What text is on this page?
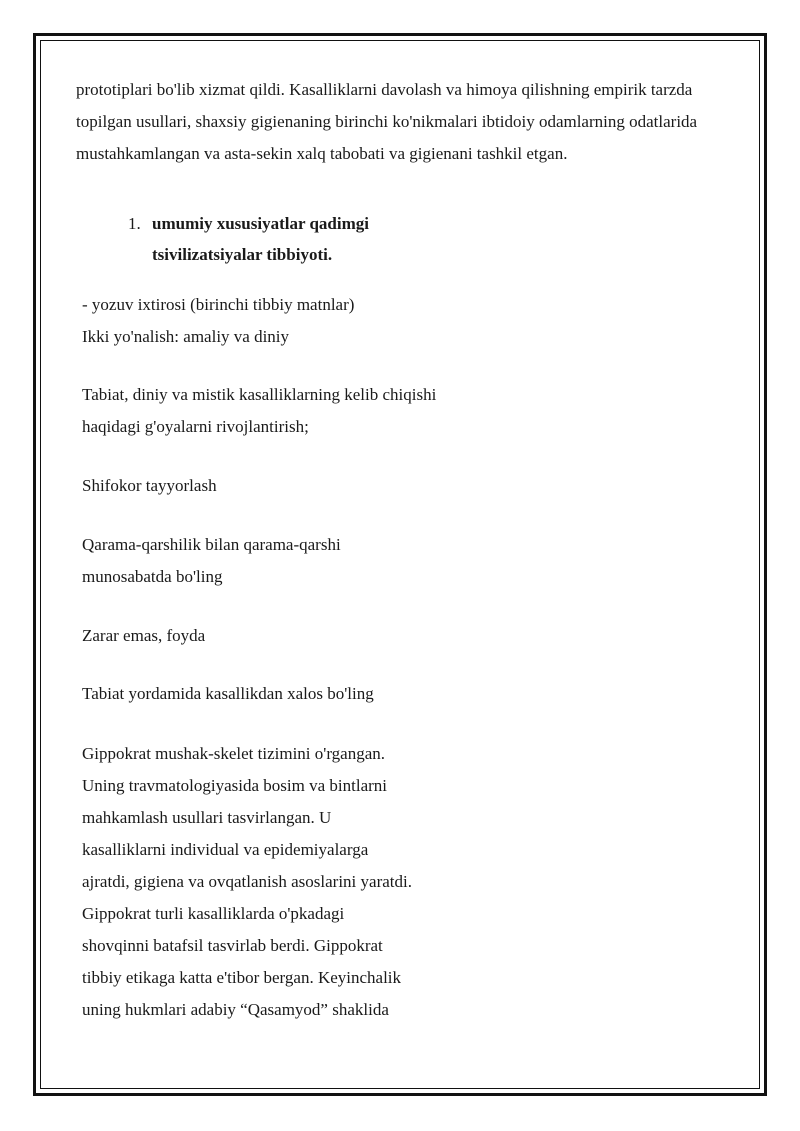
prototiplari bo'lib xizmat qildi. Kasalliklarni davolash va himoya qilishning empirik tarzda topilgan usullari, shaxsiy gigienaning birinchi ko'nikmalari ibtidoiy odamlarning odatlarida mustahkamlangan va asta-sekin xalq tabobati va gigienani tashkil etgan.

1. umumiy xususiyatlar qadimgi tsivilizatsiyalar tibbiyoti.

- yozuv ixtirosi (birinchi tibbiy matnlar)
Ikki yo'nalish: amaliy va diniy

Tabiat, diniy va mistik kasalliklarning kelib chiqishi haqidagi g'oyalarni rivojlantirish;

Shifokor tayyorlash

Qarama-qarshilik bilan qarama-qarshi munosabatda bo'ling

Zarar emas, foyda

Tabiat yordamida kasallikdan xalos bo'ling

Gippokrat mushak-skelet tizimini o'rgangan.
Uning travmatologiyasida bosim va bintlarni
mahkamlash usullari tasvirlangan. U
kasalliklarni individual va epidemiyalarga
ajratdi, gigiena va ovqatlanish asoslarini yaratdi.
Gippokrat turli kasalliklarda o'pkadagi
shovqinni batafsil tasvirlab berdi. Gippokrat
tibbiy etikaga katta e'tibor bergan. Keyinchalik
uning hukmlari adabiy “Qasamyod” shaklida
